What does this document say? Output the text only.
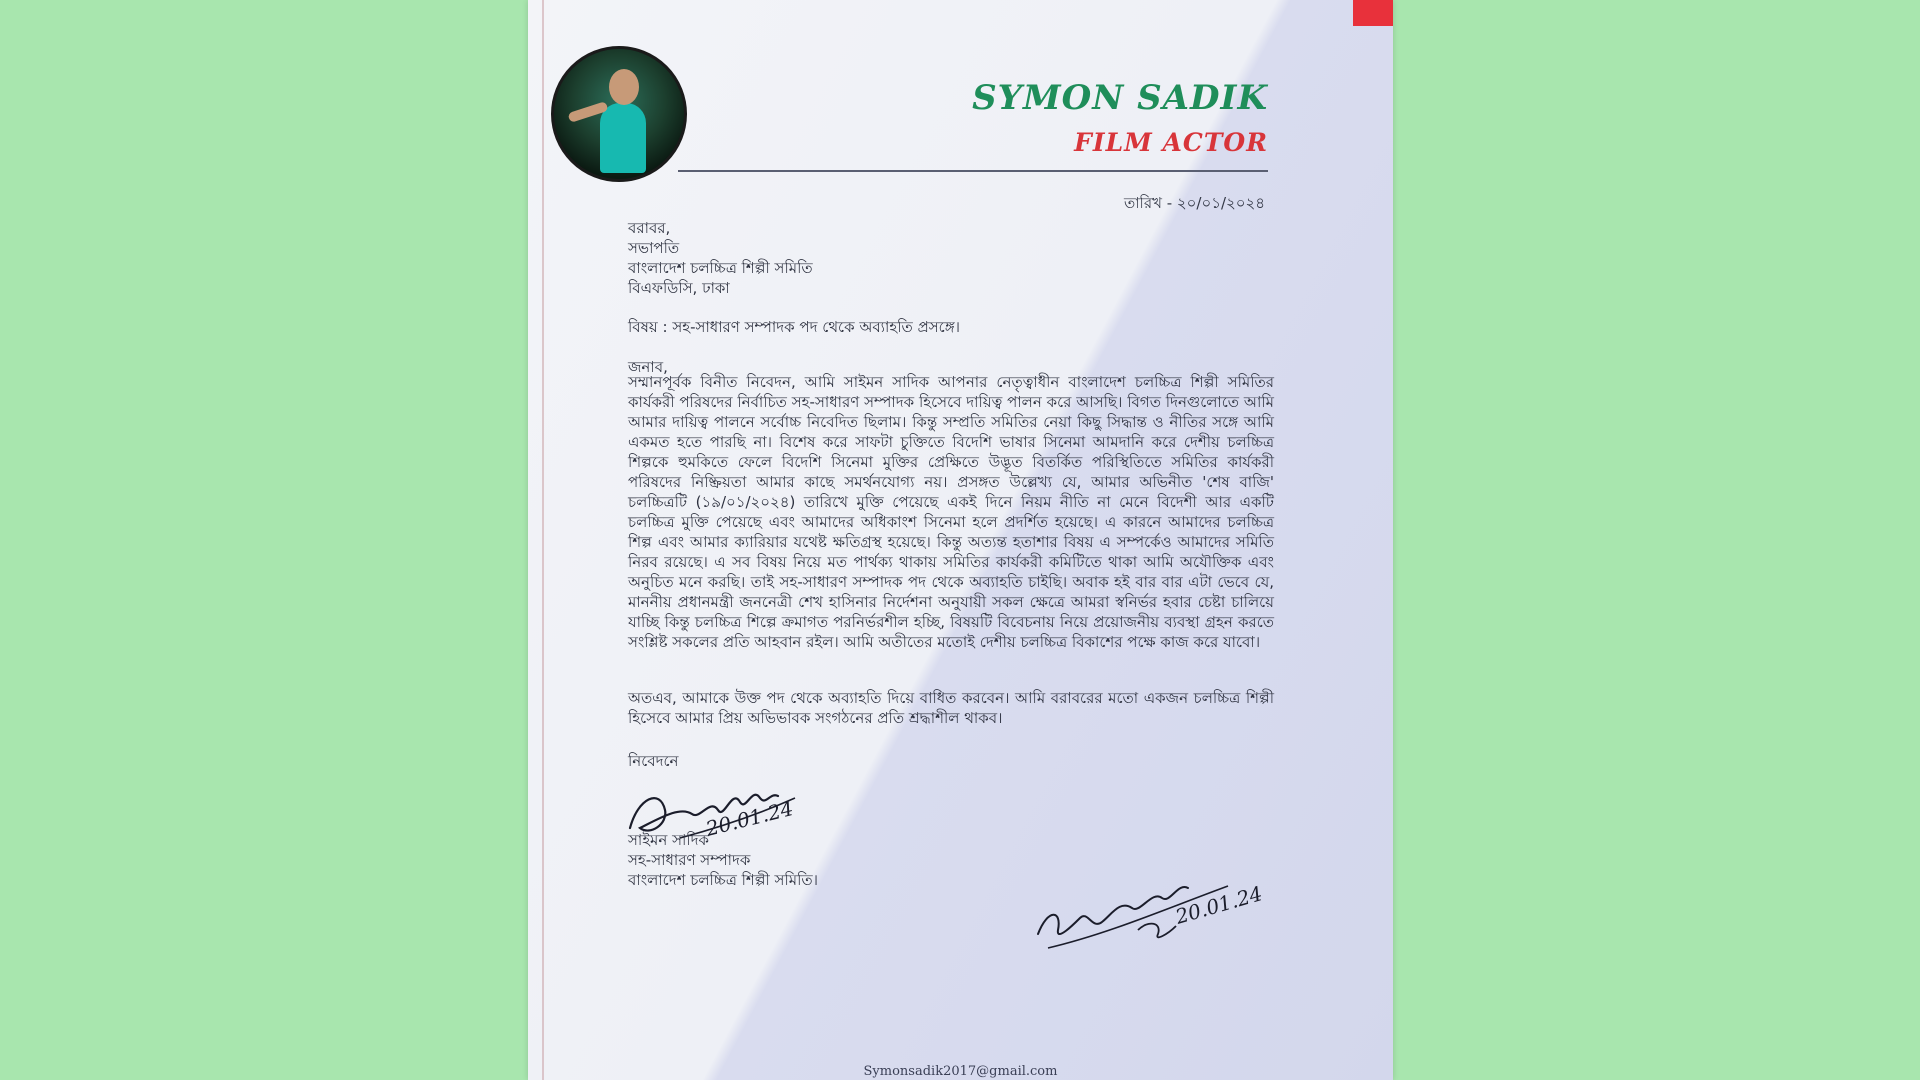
SYMON SADIK
FILM ACTOR
তারিখ - ২০/০১/২০২৪
বরাবর,
সভাপতি
বাংলাদেশ চলচ্চিত্র শিল্পী সমিতি
বিএফডিসি, ঢাকা
বিষয় : সহ-সাধারণ সম্পাদক পদ থেকে অব্যাহতি প্রসঙ্গে।
জনাব,
সম্মানপূর্বক বিনীত নিবেদন, আমি সাইমন সাদিক আপনার নেতৃত্বাধীন বাংলাদেশ চলচ্চিত্র শিল্পী সমিতির কার্যকরী পরিষদের নির্বাচিত সহ-সাধারণ সম্পাদক হিসেবে দায়িত্ব পালন করে আসছি। বিগত দিনগুলোতে আমি আমার দায়িত্ব পালনে সর্বোচ্চ নিবেদিত ছিলাম। কিন্তু সম্প্রতি সমিতির নেয়া কিছু সিদ্ধান্ত ও নীতির সঙ্গে আমি একমত হতে পারছি না। বিশেষ করে সাফটা চুক্তিতে বিদেশি ভাষার সিনেমা আমদানি করে দেশীয় চলচ্চিত্র শিল্পকে হুমকিতে ফেলে বিদেশি সিনেমা মুক্তির প্রেক্ষিতে উদ্ভূত বিতর্কিত পরিস্থিতিতে সমিতির কার্যকরী পরিষদের নিষ্ক্রিয়তা আমার কাছে সমর্থনযোগ্য নয়। প্রসঙ্গত উল্লেখ্য যে, আমার অভিনীত 'শেষ বাজি' চলচ্চিত্রটি (১৯/০১/২০২৪) তারিখে মুক্তি পেয়েছে একই দিনে নিয়ম নীতি না মেনে বিদেশী আর একটি চলচ্চিত্র মুক্তি পেয়েছে এবং আমাদের অধিকাংশ সিনেমা হলে প্রদর্শিত হয়েছে। এ কারনে আমাদের চলচ্চিত্র শিল্প এবং আমার ক্যারিয়ার যথেষ্ট ক্ষতিগ্রস্থ হয়েছে। কিন্তু অত্যন্ত হতাশার বিষয় এ সম্পর্কেও আমাদের সমিতি নিরব রয়েছে। এ সব বিষয় নিয়ে মত পার্থক্য থাকায় সমিতির কার্যকরী কমিটিতে থাকা আমি অযৌক্তিক এবং অনুচিত মনে করছি। তাই সহ-সাধারণ সম্পাদক পদ থেকে অব্যাহতি চাইছি। অবাক হই বার বার এটা ভেবে যে, মাননীয় প্রধানমন্ত্রী জননেত্রী শেখ হাসিনার নির্দেশনা অনুযায়ী সকল ক্ষেত্রে আমরা স্বনির্ভর হবার চেষ্টা চালিয়ে যাচ্ছি কিন্তু চলচ্চিত্র শিল্পে ক্রমাগত পরনির্ভরশীল হচ্ছি, বিষয়টি বিবেচনায় নিয়ে প্রয়োজনীয় ব্যবস্থা গ্রহন করতে সংশ্লিষ্ট সকলের প্রতি আহবান রইল। আমি অতীতের মতোই দেশীয় চলচ্চিত্র বিকাশের পক্ষে কাজ করে যাবো।
অতএব, আমাকে উক্ত পদ থেকে অব্যাহতি দিয়ে বাধিত করবেন। আমি বরাবরের মতো একজন চলচ্চিত্র শিল্পী হিসেবে আমার প্রিয় অভিভাবক সংগঠনের প্রতি শ্রদ্ধাশীল থাকব।
নিবেদনে
20.01.24
সাইমন সাদিক
সহ-সাধারণ সম্পাদক
বাংলাদেশ চলচ্চিত্র শিল্পী সমিতি।
20.01.24
Symonsadik2017@gmail.com
